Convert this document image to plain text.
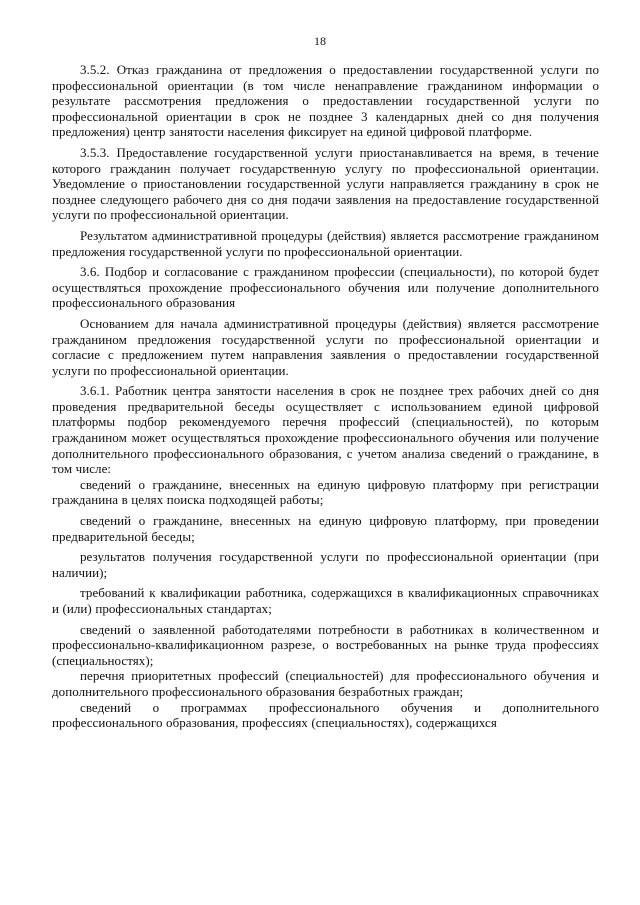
18

3.5.2. Отказ гражданина от предложения о предоставлении государственной услуги по профессиональной ориентации (в том числе ненаправление гражданином информации о результате рассмотрения предложения о предоставлении государственной услуги по профессиональной ориентации в срок не позднее 3 календарных дней со дня получения предложения) центр занятости населения фиксирует на единой цифровой платформе.

3.5.3. Предоставление государственной услуги приостанавливается на время, в течение которого гражданин получает государственную услугу по профессиональной ориентации. Уведомление о приостановлении государственной услуги направляется гражданину в срок не позднее следующего рабочего дня со дня подачи заявления на предоставление государственной услуги по профессиональной ориентации.

Результатом административной процедуры (действия) является рассмотрение гражданином предложения государственной услуги по профессиональной ориентации.

3.6. Подбор и согласование с гражданином профессии (специальности), по которой будет осуществляться прохождение профессионального обучения или получение дополнительного профессионального образования

Основанием для начала административной процедуры (действия) является рассмотрение гражданином предложения государственной услуги по профессиональной ориентации и согласие с предложением путем направления заявления о предоставлении государственной услуги по профессиональной ориентации.

3.6.1. Работник центра занятости населения в срок не позднее трех рабочих дней со дня проведения предварительной беседы осуществляет с использованием единой цифровой платформы подбор рекомендуемого перечня профессий (специальностей), по которым гражданином может осуществляться прохождение профессионального обучения или получение дополнительного профессионального образования, с учетом анализа сведений о гражданине, в том числе:

сведений о гражданине, внесенных на единую цифровую платформу при регистрации гражданина в целях поиска подходящей работы;

сведений о гражданине, внесенных на единую цифровую платформу, при проведении предварительной беседы;

результатов получения государственной услуги по профессиональной ориентации (при наличии);

требований к квалификации работника, содержащихся в квалификационных справочниках и (или) профессиональных стандартах;

сведений о заявленной работодателями потребности в работниках в количественном и профессионально-квалификационном разрезе, о востребованных на рынке труда профессиях (специальностях);

перечня приоритетных профессий (специальностей) для профессионального обучения и дополнительного профессионального образования безработных граждан;

сведений о программах профессионального обучения и дополнительного профессионального образования, профессиях (специальностях), содержащихся
